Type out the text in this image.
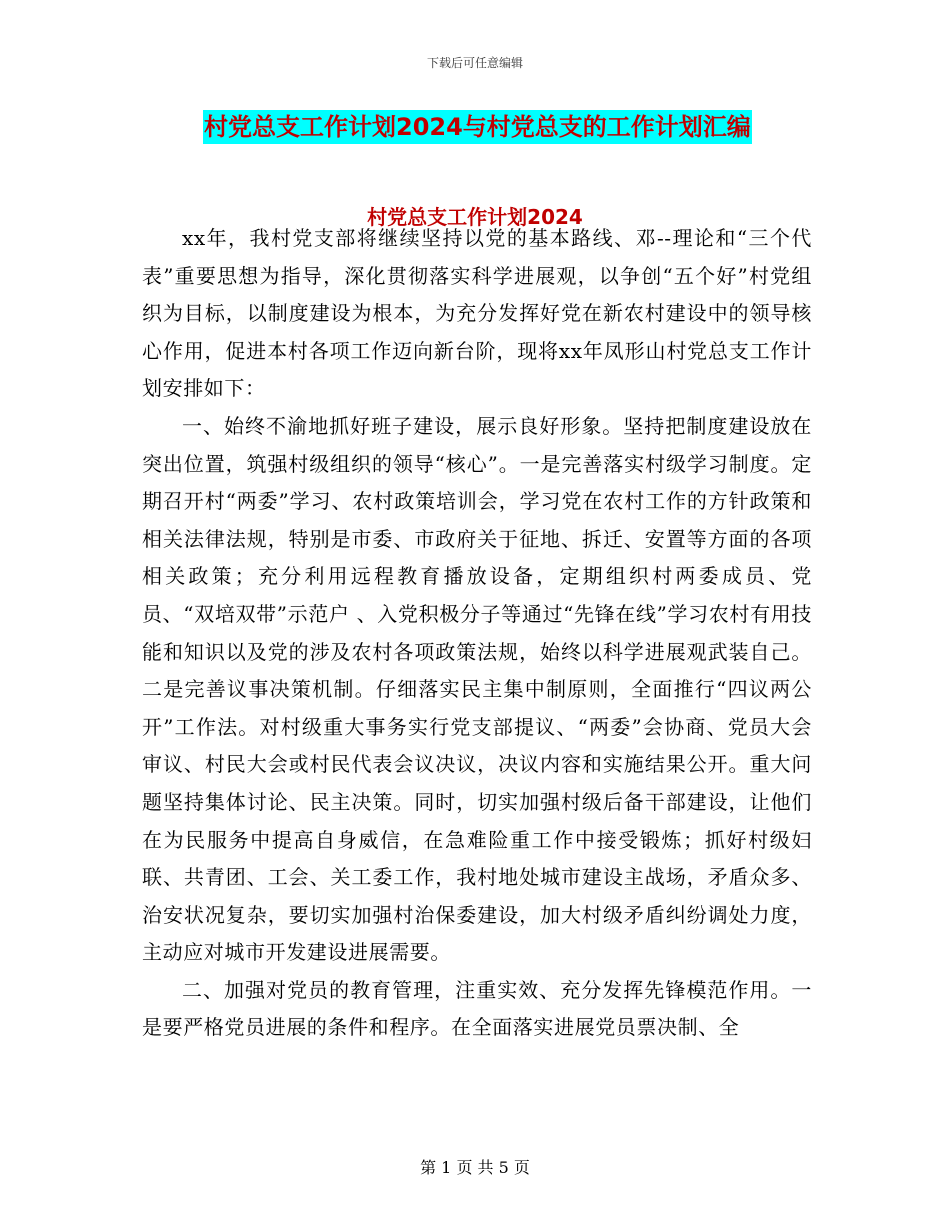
下载后可任意编辑
村党总支工作计划2024与村党总支的工作计划汇编
村党总支工作计划2024

xx年，我村党支部将继续坚持以党的基本路线、邓--理论和“三个代表”重要思想为指导，深化贯彻落实科学进展观，以争创“五个好”村党组织为目标，以制度建设为根本，为充分发挥好党在新农村建设中的领导核心作用，促进本村各项工作迈向新台阶，现将xx年凤形山村党总支工作计划安排如下：

一、始终不渝地抓好班子建设，展示良好形象。坚持把制度建设放在突出位置，筑强村级组织的领导“核心”。一是完善落实村级学习制度。定期召开村“两委”学习、农村政策培训会，学习党在农村工作的方针政策和相关法律法规，特别是市委、市政府关于征地、拆迁、安置等方面的各项相关政策；充分利用远程教育播放设备，定期组织村两委成员、党员、“双培双带”示范户 、入党积极分子等通过“先锋在线”学习农村有用技能和知识以及党的涉及农村各项政策法规，始终以科学进展观武装自己。二是完善议事决策机制。仔细落实民主集中制原则，全面推行“四议两公开”工作法。对村级重大事务实行党支部提议、“两委”会协商、党员大会审议、村民大会或村民代表会议决议，决议内容和实施结果公开。重大问题坚持集体讨论、民主决策。同时，切实加强村级后备干部建设，让他们在为民服务中提高自身威信，在急难险重工作中接受锻炼；抓好村级妇联、共青团、工会、关工委工作，我村地处城市建设主战场，矛盾众多、治安状况复杂，要切实加强村治保委建设，加大村级矛盾纠纷调处力度，主动应对城市开发建设进展需要。

二、加强对党员的教育管理，注重实效、充分发挥先锋模范作用。一是要严格党员进展的条件和程序。在全面落实进展党员票决制、全

第 1 页 共 5 页
